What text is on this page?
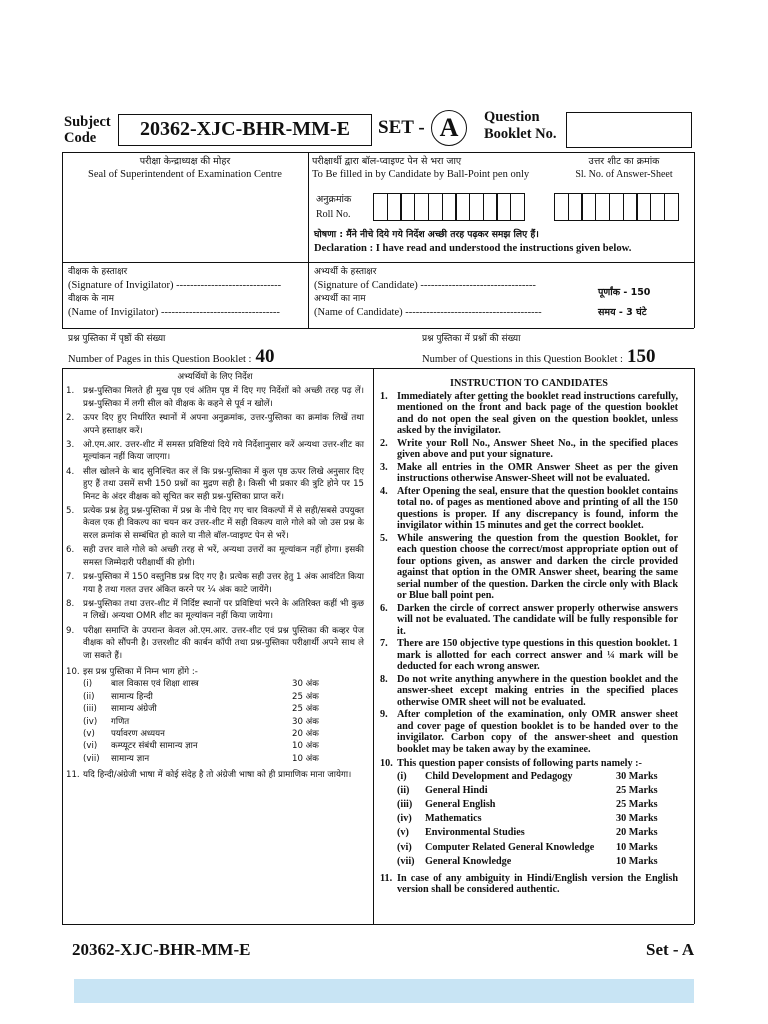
Subject
Code	20362-XJC-BHR-MM-E	SET - A	Question
Booklet No.
परीक्षा केन्द्राध्यक्ष की मोहर
Seal of Superintendent of Examination Centre
परीक्षार्थी द्वारा बॉल-प्वाइण्ट पेन से भरा जाए
To Be filled in by Candidate by Ball-Point pen only
उत्तर शीट का क्रमांक
Sl. No. of Answer-Sheet
अनुक्रमांक
Roll No.
घोषणा : मैंने नीचे दिये गये निर्देश अच्छी तरह पढ़कर समझ लिए हैं।
Declaration : I have read and understood the instructions given below.
वीक्षक के हस्ताक्षर
(Signature of Invigilator) ------------------------------
वीक्षक के नाम
(Name of Invigilator) ----------------------------------
अभ्यर्थी के हस्ताक्षर
(Signature of Candidate) ---------------------------------
अभ्यर्थी का नाम
(Name of Candidate) ---------------------------------------
पूर्णांक - 150
समय - 3 घंटे
प्रश्न पुस्तिका में पृष्ठों की संख्या
Number of Pages in this Question Booklet : 40
प्रश्न पुस्तिका में प्रश्नों की संख्या
Number of Questions in this Question Booklet : 150
अभ्यर्थियों के लिए निर्देश
1. प्रश्न-पुस्तिका मिलते ही मुख पृष्ठ एवं अंतिम पृष्ठ में दिए गए निर्देशों को अच्छी तरह पढ़ लें। प्रश्न-पुस्तिका में लगी सील को वीक्षक के कहने से पूर्व न खोलें।
2. ऊपर दिए हुए निर्धारित स्थानों में अपना अनुक्रमांक, उत्तर-पुस्तिका का क्रमांक लिखें तथा अपने हस्ताक्षर करें।
3. ओ.एम.आर. उत्तर-शीट में समस्त प्रविष्टियां दिये गये निर्देशानुसार करें अन्यथा उत्तर-शीट का मूल्यांकन नहीं किया जाएगा।
4. सील खोलने के बाद सुनिश्चित कर लें कि प्रश्न-पुस्तिका में कुल पृष्ठ ऊपर लिखे अनुसार दिए हुए हैं तथा उसमें सभी 150 प्रश्नों का मुद्रण सही है। किसी भी प्रकार की त्रुटि होने पर 15 मिनट के अंदर वीक्षक को सूचित कर सही प्रश्न-पुस्तिका प्राप्त करें।
5. प्रत्येक प्रश्न हेतु प्रश्न-पुस्तिका में प्रश्न के नीचे दिए गए चार विकल्पों में से सही/सबसे उपयुक्त केवल एक ही विकल्प का चयन कर उत्तर-शीट में सही विकल्प वाले गोले को जो उस प्रश्न के सरल क्रमांक से सम्बंधित हो काले या नीले बॉल-प्वाइण्ट पेन से भरें।
6. सही उत्तर वाले गोले को अच्छी तरह से भरें, अन्यथा उत्तरों का मूल्यांकन नहीं होगा। इसकी समस्त जिम्मेदारी परीक्षार्थी की होगी।
7. प्रश्न-पुस्तिका में 150 वस्तुनिष्ठ प्रश्न दिए गए है। प्रत्येक सही उत्तर हेतु 1 अंक आवंटित किया गया है तथा गलत उत्तर अंकित करने पर ¼ अंक काटे जायेंगे।
8. प्रश्न-पुस्तिका तथा उत्तर-शीट में निर्दिष्ट स्थानों पर प्रविष्टियां भरने के अतिरिक्त कहीं भी कुछ न लिखें। अन्यथा OMR शीट का मूल्यांकन नहीं किया जायेगा।
9. परीक्षा समाप्ति के उपरान्त केवल ओ.एम.आर. उत्तर-शीट एवं प्रश्न पुस्तिका की कव्हर पेज वीक्षक को सौंपनी है। उत्तरशीट की कार्बन कॉपी तथा प्रश्न-पुस्तिका परीक्षार्थी अपने साथ ले जा सकते हैं।
10. इस प्रश्न पुस्तिका में निम्न भाग होंगे :-
(i)	बाल विकास एवं शिक्षा शास्त्र	30 अंक
(ii)	सामान्य हिन्दी	25 अंक
(iii)	सामान्य अंग्रेजी	25 अंक
(iv)	गणित	30 अंक
(v)	पर्यावरण अध्ययन	20 अंक
(vi)	कम्प्यूटर संबंधी सामान्य ज्ञान	10 अंक
(vii)	सामान्य ज्ञान	10 अंक
11. यदि हिन्दी/अंग्रेजी भाषा में कोई संदेह है तो अंग्रेजी भाषा को ही प्रामाणिक माना जायेगा।
INSTRUCTION TO CANDIDATES
1. Immediately after getting the booklet read instructions carefully, mentioned on the front and back page of the question booklet and do not open the seal given on the question booklet, unless asked by the invigilator.
2. Write your Roll No., Answer Sheet No., in the specified places given above and put your signature.
3. Make all entries in the OMR Answer Sheet as per the given instructions otherwise Answer-Sheet will not be evaluated.
4. After Opening the seal, ensure that the question booklet contains total no. of pages as mentioned above and printing of all the 150 questions is proper. If any discrepancy is found, inform the invigilator within 15 minutes and get the correct booklet.
5. While answering the question from the question Booklet, for each question choose the correct/most appropriate option out of four options given, as answer and darken the circle provided against that option in the OMR Answer sheet, bearing the same serial number of the question. Darken the circle only with Black or Blue ball point pen.
6. Darken the circle of correct answer properly otherwise answers will not be evaluated. The candidate will be fully responsible for it.
7. There are 150 objective type questions in this question booklet. 1 mark is allotted for each correct answer and ¼ mark will be deducted for each wrong answer.
8. Do not write anything anywhere in the question booklet and the answer-sheet except making entries in the specified places otherwise OMR sheet will not be evaluated.
9. After completion of the examination, only OMR answer sheet and cover page of question booklet is to be handed over to the invigilator. Carbon copy of the answer-sheet and question booklet may be taken away by the examinee.
10. This question paper consists of following parts namely :-
(i)	Child Development and Pedagogy	30 Marks
(ii)	General Hindi	25 Marks
(iii)	General English	25 Marks
(iv)	Mathematics	30 Marks
(v)	Environmental Studies	20 Marks
(vi)	Computer Related General Knowledge	10 Marks
(vii)	General Knowledge	10 Marks
11. In case of any ambiguity in Hindi/English version the English version shall be considered authentic.
20362-XJC-BHR-MM-E	Set - A
